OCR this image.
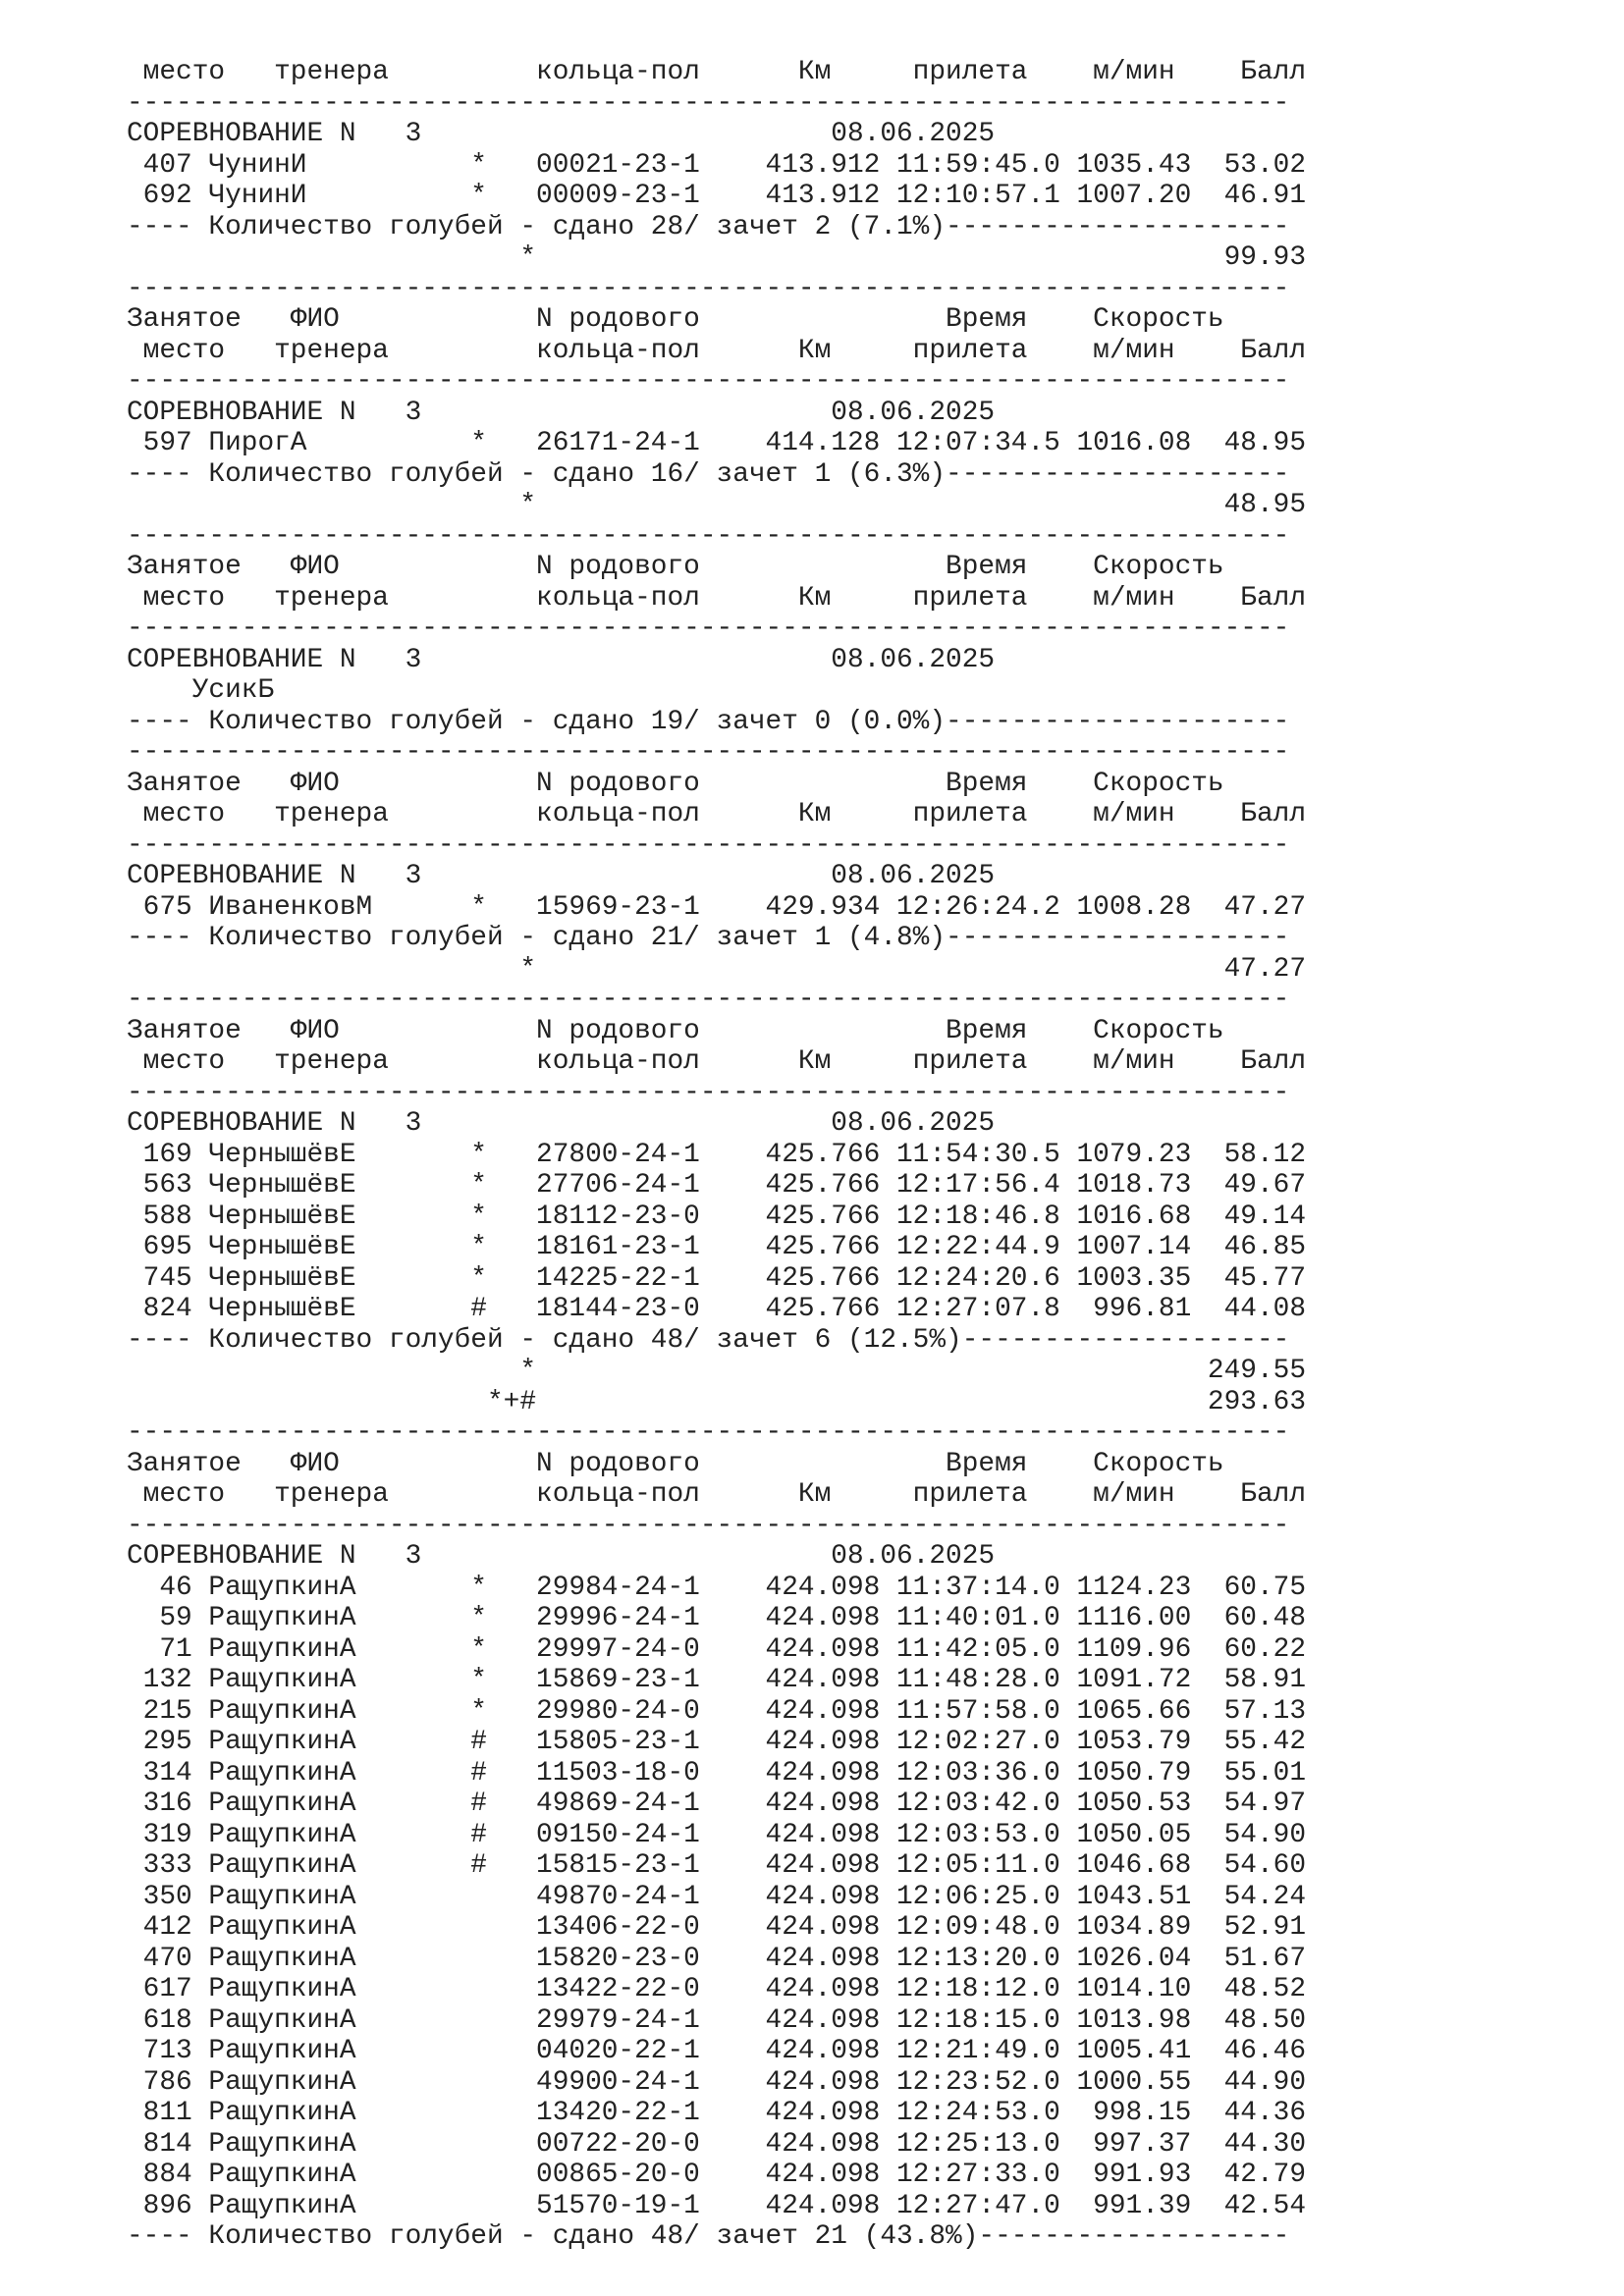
место   тренера         кольца-пол      Км     прилета    м/мин    Балл
-----------------------------------------------------------------------
СОРЕВНОВАНИЕ N   3                         08.06.2025
407 ЧунинИ          *   00021-23-1    413.912 11:59:45.0 1035.43  53.02
692 ЧунинИ          *   00009-23-1    413.912 12:10:57.1 1007.20  46.91
---- Количество голубей - сдано 28/ зачет 2 (7.1%)---------------------
*                                          99.93
-----------------------------------------------------------------------
Занятое   ФИО            N родового               Время    Скорость
место   тренера         кольца-пол      Км     прилета    м/мин    Балл
-----------------------------------------------------------------------
СОРЕВНОВАНИЕ N   3                         08.06.2025
597 ПирогА          *   26171-24-1    414.128 12:07:34.5 1016.08  48.95
---- Количество голубей - сдано 16/ зачет 1 (6.3%)---------------------
*                                          48.95
-----------------------------------------------------------------------
Занятое   ФИО            N родового               Время    Скорость
место   тренера         кольца-пол      Км     прилета    м/мин    Балл
-----------------------------------------------------------------------
СОРЕВНОВАНИЕ N   3                         08.06.2025
УсикБ
---- Количество голубей - сдано 19/ зачет 0 (0.0%)---------------------
-----------------------------------------------------------------------
Занятое   ФИО            N родового               Время    Скорость
место   тренера         кольца-пол      Км     прилета    м/мин    Балл
-----------------------------------------------------------------------
СОРЕВНОВАНИЕ N   3                         08.06.2025
675 ИваненковМ      *   15969-23-1    429.934 12:26:24.2 1008.28  47.27
---- Количество голубей - сдано 21/ зачет 1 (4.8%)---------------------
*                                          47.27
-----------------------------------------------------------------------
Занятое   ФИО            N родового               Время    Скорость
место   тренера         кольца-пол      Км     прилета    м/мин    Балл
-----------------------------------------------------------------------
СОРЕВНОВАНИЕ N   3                         08.06.2025
169 ЧернышёвЕ       *   27800-24-1    425.766 11:54:30.5 1079.23  58.12
563 ЧернышёвЕ       *   27706-24-1    425.766 12:17:56.4 1018.73  49.67
588 ЧернышёвЕ       *   18112-23-0    425.766 12:18:46.8 1016.68  49.14
695 ЧернышёвЕ       *   18161-23-1    425.766 12:22:44.9 1007.14  46.85
745 ЧернышёвЕ       *   14225-22-1    425.766 12:24:20.6 1003.35  45.77
824 ЧернышёвЕ       #   18144-23-0    425.766 12:27:07.8  996.81  44.08
---- Количество голубей - сдано 48/ зачет 6 (12.5%)--------------------
*                                         249.55
*+#                                         293.63
-----------------------------------------------------------------------
Занятое   ФИО            N родового               Время    Скорость
место   тренера         кольца-пол      Км     прилета    м/мин    Балл
-----------------------------------------------------------------------
СОРЕВНОВАНИЕ N   3                         08.06.2025
46 РащупкинА       *   29984-24-1    424.098 11:37:14.0 1124.23  60.75
59 РащупкинА       *   29996-24-1    424.098 11:40:01.0 1116.00  60.48
71 РащупкинА       *   29997-24-0    424.098 11:42:05.0 1109.96  60.22
132 РащупкинА       *   15869-23-1    424.098 11:48:28.0 1091.72  58.91
215 РащупкинА       *   29980-24-0    424.098 11:57:58.0 1065.66  57.13
295 РащупкинА       #   15805-23-1    424.098 12:02:27.0 1053.79  55.42
314 РащупкинА       #   11503-18-0    424.098 12:03:36.0 1050.79  55.01
316 РащупкинА       #   49869-24-1    424.098 12:03:42.0 1050.53  54.97
319 РащупкинА       #   09150-24-1    424.098 12:03:53.0 1050.05  54.90
333 РащупкинА       #   15815-23-1    424.098 12:05:11.0 1046.68  54.60
350 РащупкинА           49870-24-1    424.098 12:06:25.0 1043.51  54.24
412 РащупкинА           13406-22-0    424.098 12:09:48.0 1034.89  52.91
470 РащупкинА           15820-23-0    424.098 12:13:20.0 1026.04  51.67
617 РащупкинА           13422-22-0    424.098 12:18:12.0 1014.10  48.52
618 РащупкинА           29979-24-1    424.098 12:18:15.0 1013.98  48.50
713 РащупкинА           04020-22-1    424.098 12:21:49.0 1005.41  46.46
786 РащупкинА           49900-24-1    424.098 12:23:52.0 1000.55  44.90
811 РащупкинА           13420-22-1    424.098 12:24:53.0  998.15  44.36
814 РащупкинА           00722-20-0    424.098 12:25:13.0  997.37  44.30
884 РащупкинА           00865-20-0    424.098 12:27:33.0  991.93  42.79
896 РащупкинА           51570-19-1    424.098 12:27:47.0  991.39  42.54
---- Количество голубей - сдано 48/ зачет 21 (43.8%)-------------------
